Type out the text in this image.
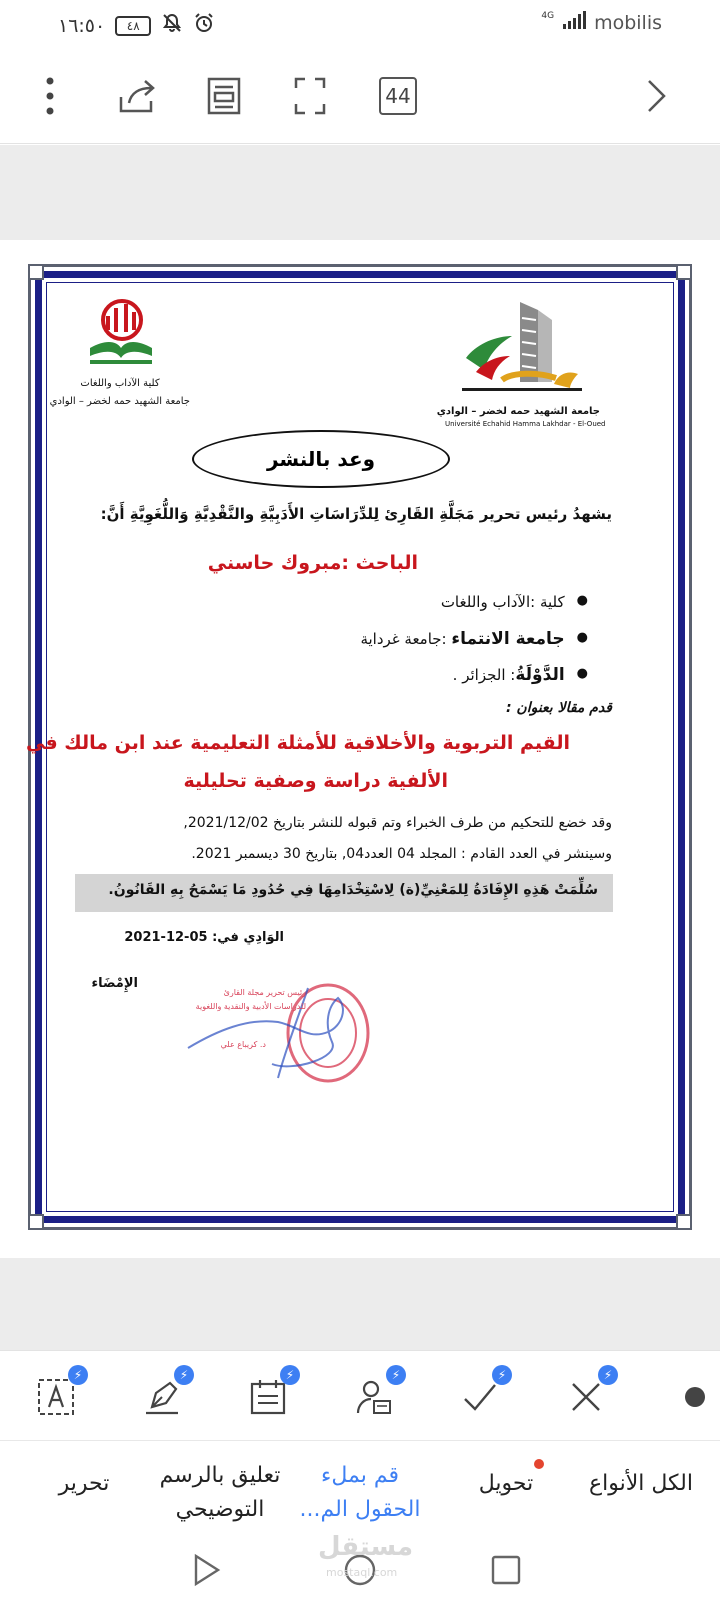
١٦:٥٠	٤٨
4G mobilis
44
كلية الآداب واللغات
جامعة الشهيد حمه لخضر – الوادي
جامعة الشهيد حمه لخضر – الوادي
Université Echahid Hamma Lakhdar - El-Oued
وعد بالنشر
يشهدُ رئيس تحرير مَجَلَّةِ القَارِئ لِلدِّرَاسَاتِ الأَدَبِيَّةِ والنَّقْدِيَّةِ وَاللُّغَوِيَّةِ أَنَّ:
الباحث :مبروك حاسني
● كلية :الآداب واللغات
● جامعة الانتماء :جامعة غرداية
● الدَّوْلَةُ: الجزائر .
قدم مقالا بعنوان :
القيم التربوية والأخلاقية للأمثلة التعليمية عند ابن مالك في
الألفية دراسة وصفية تحليلية
وقد خضع للتحكيم من طرف الخبراء وتم قبوله للنشر بتاريخ 2021/12/02,
وسينشر في العدد القادم : المجلد 04 العدد04, بتاريخ 30 ديسمبر 2021.
سُلِّمَتْ هَذِهِ الإِفَادَةُ لِلمَعْنِيِّ(ة) لِاسْتِخْدَامِهَا فِي حُدُودِ مَا يَسْمَحُ بِهِ القَانُونُ.
الوَادِي في: 05-12-2021
الإِمْضَاء
رئيس تحرير مجلة القارئ
للدراسات الأدبية والنقدية واللغوية
د. كريباع علي
⚡	⚡	⚡	⚡	⚡	⚡
الكل الأنواع
تحويل
قم بملء
الحقول الم...
تعليق بالرسم
التوضيحي
تحرير
مستقل
mostaql.com
